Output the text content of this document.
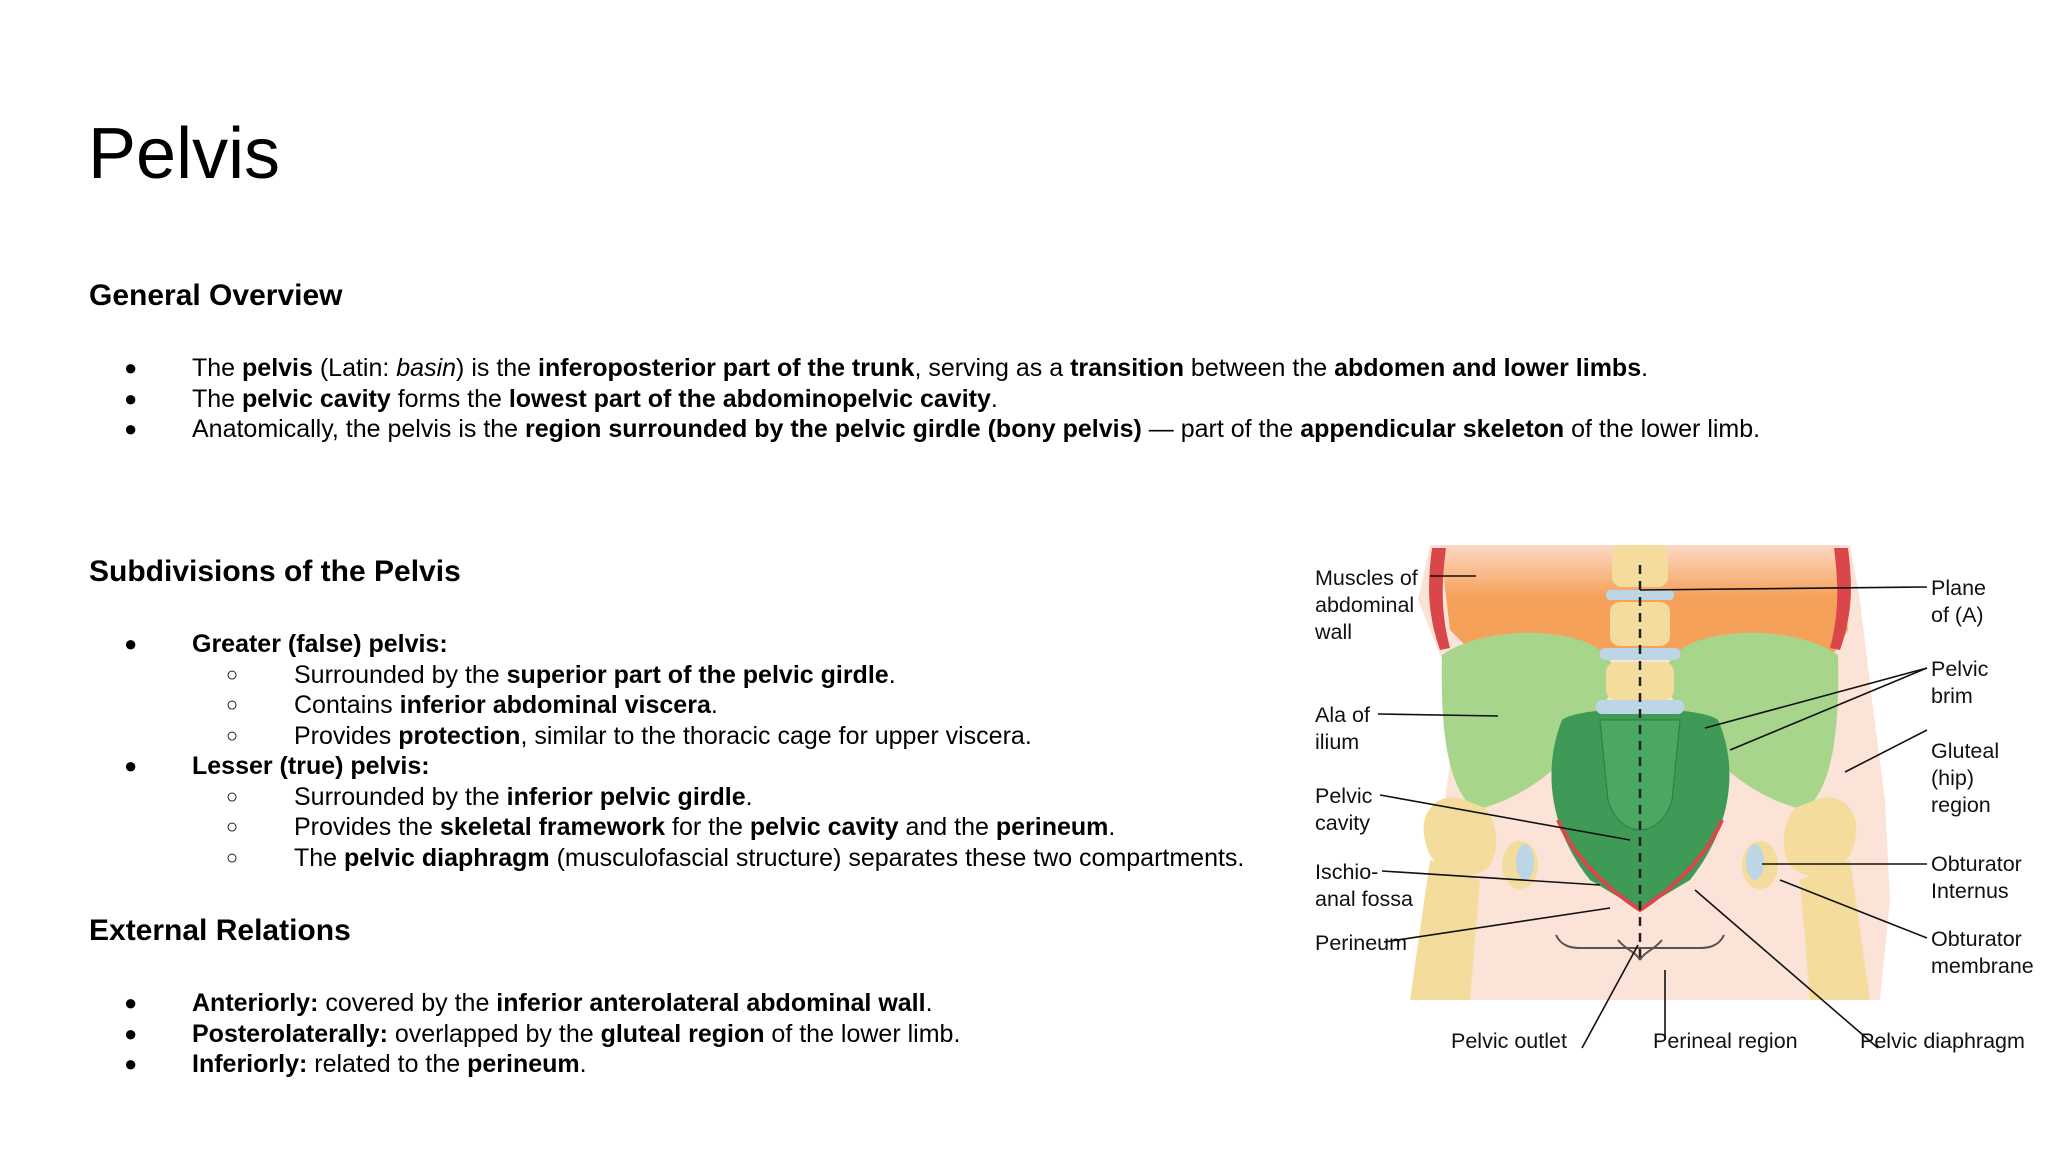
Pelvis
General Overview
● The pelvis (Latin: basin) is the inferoposterior part of the trunk, serving as a transition between the abdomen and lower limbs.
● The pelvic cavity forms the lowest part of the abdominopelvic cavity.
● Anatomically, the pelvis is the region surrounded by the pelvic girdle (bony pelvis) — part of the appendicular skeleton of the lower limb.
Subdivisions of the Pelvis
● Greater (false) pelvis:
○ Surrounded by the superior part of the pelvic girdle.
○ Contains inferior abdominal viscera.
○ Provides protection, similar to the thoracic cage for upper viscera.
● Lesser (true) pelvis:
○ Surrounded by the inferior pelvic girdle.
○ Provides the skeletal framework for the pelvic cavity and the perineum.
○ The pelvic diaphragm (musculofascial structure) separates these two compartments.
External Relations
● Anteriorly: covered by the inferior anterolateral abdominal wall.
● Posterolaterally: overlapped by the gluteal region of the lower limb.
● Inferiorly: related to the perineum.
Muscles of abdominal wall
Ala of ilium
Pelvic cavity
Ischio-anal fossa
Perineum
Plane of (A)
Pelvic brim
Gluteal (hip) region
Obturator Internus
Obturator membrane
Pelvic outlet	Perineal region	Pelvic diaphragm
